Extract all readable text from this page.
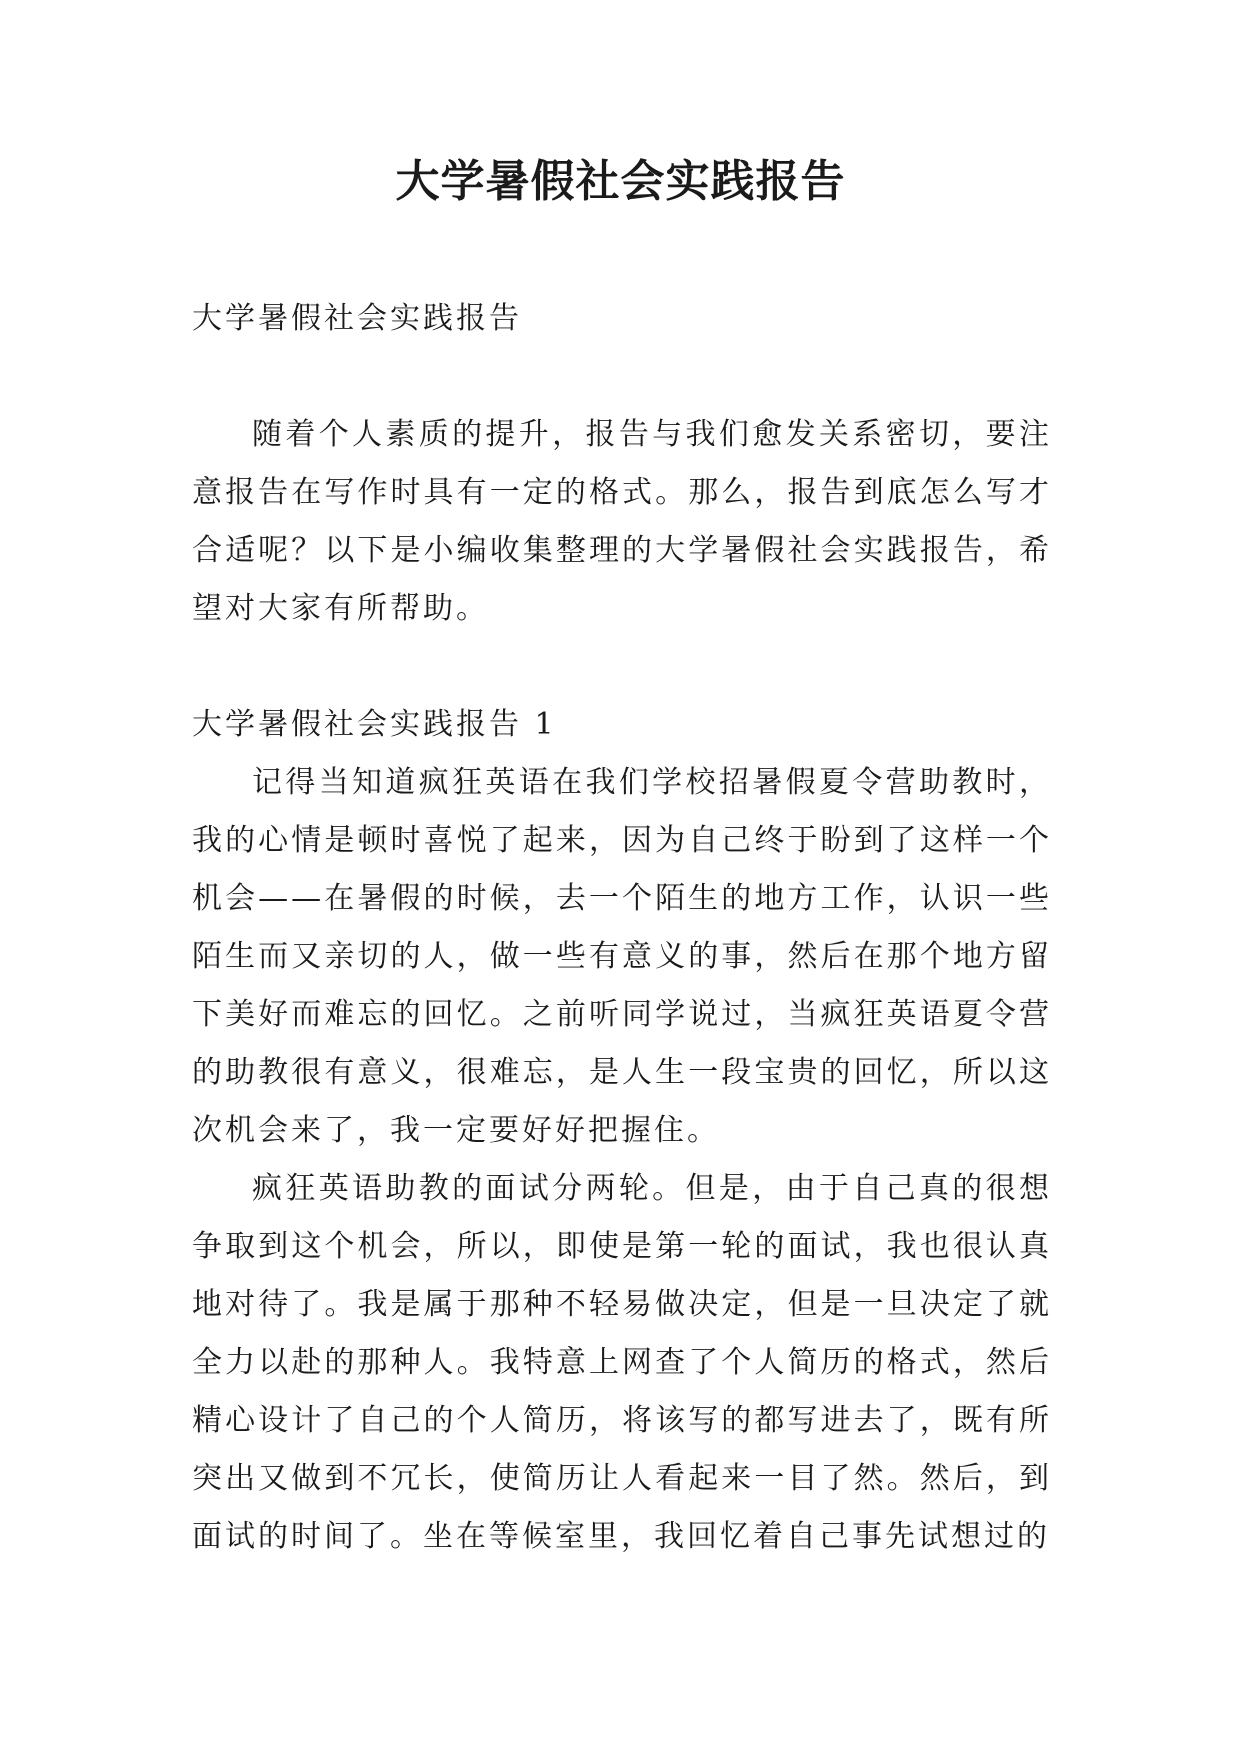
大学暑假社会实践报告

大学暑假社会实践报告

随着个人素质的提升，报告与我们愈发关系密切，要注意报告在写作时具有一定的格式。那么，报告到底怎么写才合适呢？以下是小编收集整理的大学暑假社会实践报告，希望对大家有所帮助。

大学暑假社会实践报告 1

记得当知道疯狂英语在我们学校招暑假夏令营助教时，我的心情是顿时喜悦了起来，因为自己终于盼到了这样一个机会——在暑假的时候，去一个陌生的地方工作，认识一些陌生而又亲切的人，做一些有意义的事，然后在那个地方留下美好而难忘的回忆。之前听同学说过，当疯狂英语夏令营的助教很有意义，很难忘，是人生一段宝贵的回忆，所以这次机会来了，我一定要好好把握住。

疯狂英语助教的面试分两轮。但是，由于自己真的很想争取到这个机会，所以，即使是第一轮的面试，我也很认真地对待了。我是属于那种不轻易做决定，但是一旦决定了就全力以赴的那种人。我特意上网查了个人简历的格式，然后精心设计了自己的个人简历，将该写的都写进去了，既有所突出又做到不冗长，使简历让人看起来一目了然。然后，到面试的时间了。坐在等候室里，我回忆着自己事先试想过的
